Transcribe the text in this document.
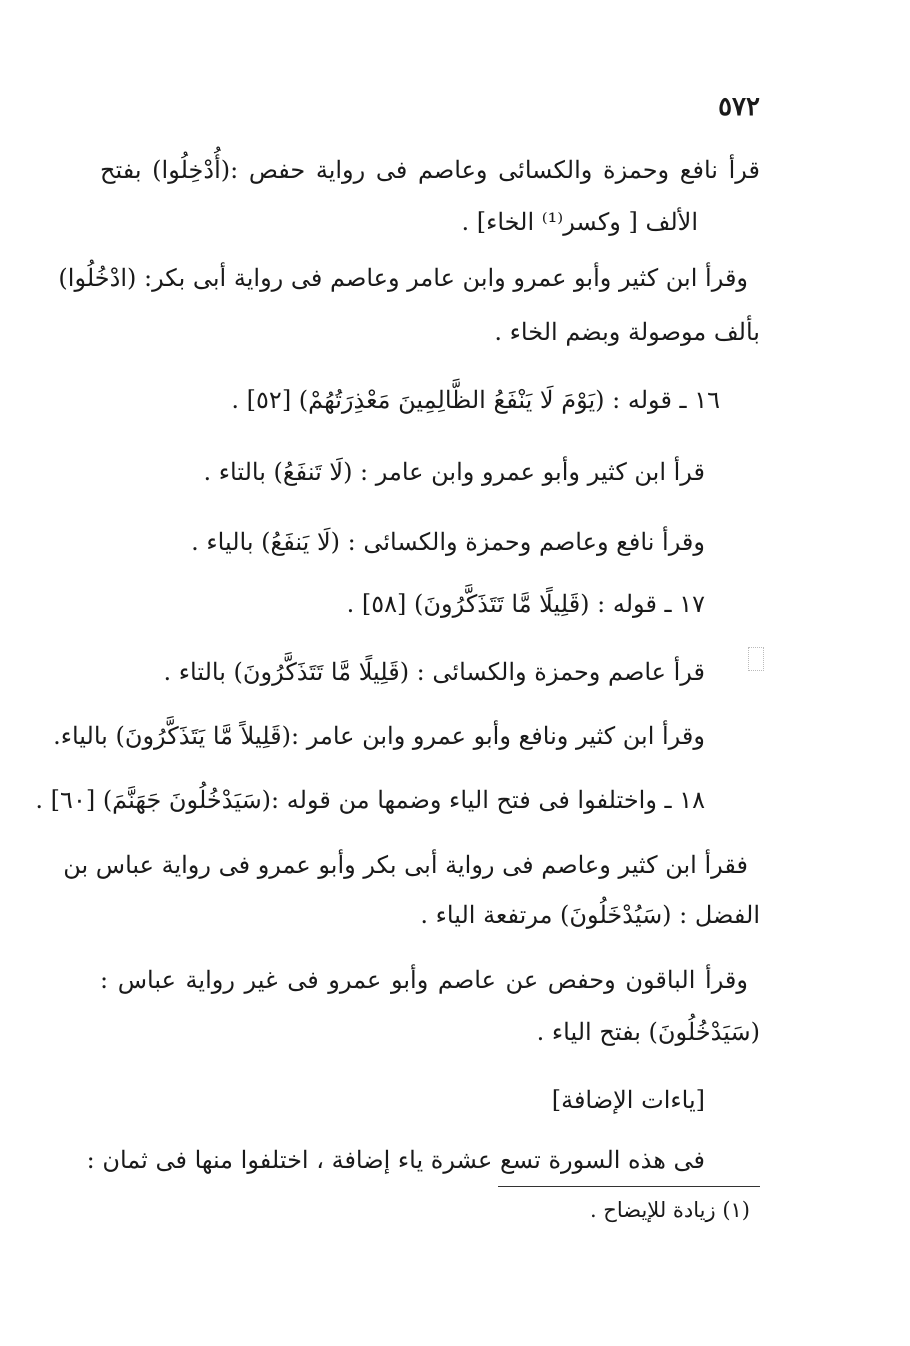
٥٧٢
قرأ نافع وحمزة والكسائى وعاصم فى رواية حفص :(أُدْخِلُوا) بفتح
الألف [ وكسر⁽¹⁾ الخاء] .
وقرأ ابن كثير وأبو عمرو وابن عامر وعاصم فى رواية أبى بكر: (ادْخُلُوا)
بألف موصولة وبضم الخاء .
١٦ ـ قوله : (يَوْمَ لَا يَنْفَعُ الظَّالِمِينَ مَعْذِرَتُهُمْ) [٥٢] .
قرأ ابن كثير وأبو عمرو وابن عامر : (لَا تَنفَعُ) بالتاء .
وقرأ نافع وعاصم وحمزة والكسائى : (لَا يَنفَعُ) بالياء .
١٧ ـ قوله : (قَلِيلًا مَّا تَتَذَكَّرُونَ) [٥٨] .
قرأ عاصم وحمزة والكسائى : (قَلِيلًا مَّا تَتَذَكَّرُونَ) بالتاء .
وقرأ ابن كثير ونافع وأبو عمرو وابن عامر :(قَلِيلاً مَّا يَتَذَكَّرُونَ) بالياء.
١٨ ـ واختلفوا فى فتح الياء وضمها من قوله :(سَيَدْخُلُونَ جَهَنَّمَ) [٦٠] .
فقرأ ابن كثير وعاصم فى رواية أبى بكر وأبو عمرو فى رواية عباس بن
الفضل : (سَيُدْخَلُونَ) مرتفعة الياء .
وقرأ الباقون وحفص عن عاصم وأبو عمرو فى غير رواية عباس :
(سَيَدْخُلُونَ) بفتح الياء .
[ياءات الإضافة]
فى هذه السورة تسع عشرة ياء إضافة ، اختلفوا منها فى ثمان :
(١) زيادة للإيضاح .
